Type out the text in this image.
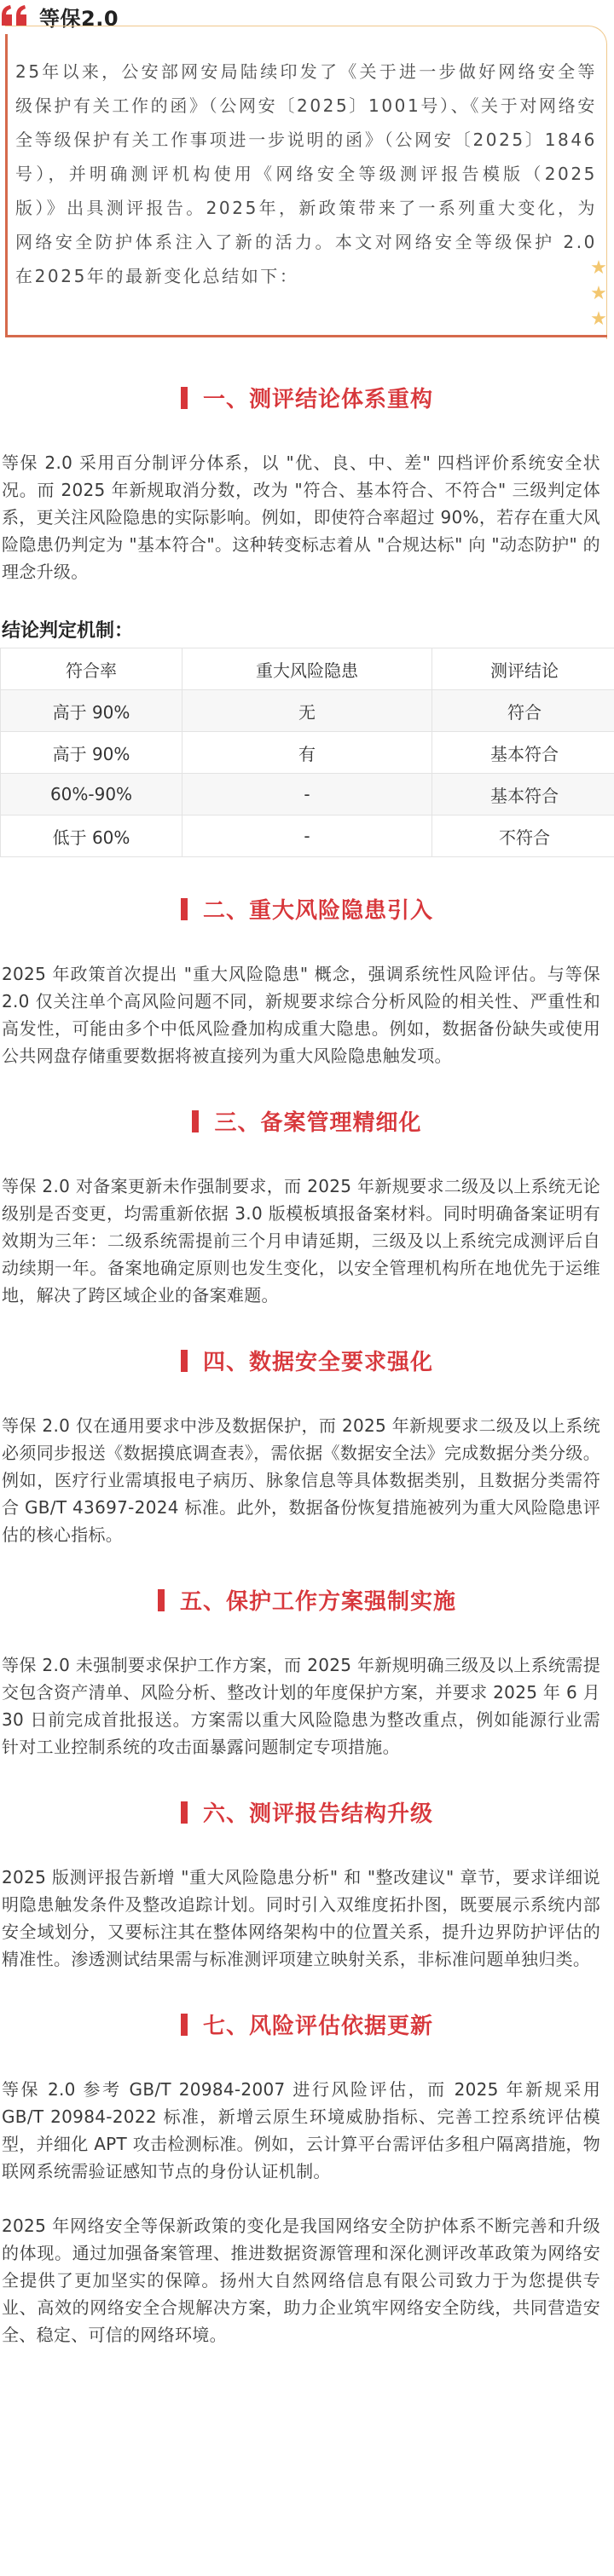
等保2.0
25年以来，公安部网安局陆续印发了《关于进一步做好网络安全等级保护有关工作的函》（公网安〔2025〕1001号）、《关于对网络安全等级保护有关工作事项进一步说明的函》（公网安〔2025〕1846号），并明确测评机构使用《网络安全等级测评报告模版（2025版）》出具测评报告。2025年，新政策带来了一系列重大变化，为网络安全防护体系注入了新的活力。本文对网络安全等级保护 2.0 在2025年的最新变化总结如下：	★
★
★
一、测评结论体系重构
等保 2.0 采用百分制评分体系，以 "优、良、中、差" 四档评价系统安全状况。而 2025 年新规取消分数，改为 "符合、基本符合、不符合" 三级判定体系，更关注风险隐患的实际影响。例如，即使符合率超过 90%，若存在重大风险隐患仍判定为 "基本符合"。这种转变标志着从 "合规达标" 向 "动态防护" 的理念升级。
结论判定机制：
符合率	重大风险隐患	测评结论
高于 90%	无	符合
高于 90%	有	基本符合
60%-90%	-	基本符合
低于 60%	-	不符合
二、重大风险隐患引入
2025 年政策首次提出 "重大风险隐患" 概念，强调系统性风险评估。与等保 2.0 仅关注单个高风险问题不同，新规要求综合分析风险的相关性、严重性和高发性，可能由多个中低风险叠加构成重大隐患。例如，数据备份缺失或使用公共网盘存储重要数据将被直接列为重大风险隐患触发项。
三、备案管理精细化
等保 2.0 对备案更新未作强制要求，而 2025 年新规要求二级及以上系统无论级别是否变更，均需重新依据 3.0 版模板填报备案材料。同时明确备案证明有效期为三年：二级系统需提前三个月申请延期，三级及以上系统完成测评后自动续期一年。备案地确定原则也发生变化，以安全管理机构所在地优先于运维地，解决了跨区域企业的备案难题。
四、数据安全要求强化
等保 2.0 仅在通用要求中涉及数据保护，而 2025 年新规要求二级及以上系统必须同步报送《数据摸底调查表》，需依据《数据安全法》完成数据分类分级。例如，医疗行业需填报电子病历、脉象信息等具体数据类别，且数据分类需符合 GB/T 43697-2024 标准。此外，数据备份恢复措施被列为重大风险隐患评估的核心指标。
五、保护工作方案强制实施
等保 2.0 未强制要求保护工作方案，而 2025 年新规明确三级及以上系统需提交包含资产清单、风险分析、整改计划的年度保护方案，并要求 2025 年 6 月 30 日前完成首批报送。方案需以重大风险隐患为整改重点，例如能源行业需针对工业控制系统的攻击面暴露问题制定专项措施。
六、测评报告结构升级
2025 版测评报告新增 "重大风险隐患分析" 和 "整改建议" 章节，要求详细说明隐患触发条件及整改追踪计划。同时引入双维度拓扑图，既要展示系统内部安全域划分，又要标注其在整体网络架构中的位置关系，提升边界防护评估的精准性。渗透测试结果需与标准测评项建立映射关系，非标准问题单独归类。
七、风险评估依据更新
等保 2.0 参考 GB/T 20984-2007 进行风险评估，而 2025 年新规采用 GB/T 20984-2022 标准，新增云原生环境威胁指标、完善工控系统评估模型，并细化 APT 攻击检测标准。例如，云计算平台需评估多租户隔离措施，物联网系统需验证感知节点的身份认证机制。
2025 年网络安全等保新政策的变化是我国网络安全防护体系不断完善和升级的体现。通过加强备案管理、推进数据资源管理和深化测评改革政策为网络安全提供了更加坚实的保障。扬州大自然网络信息有限公司致力于为您提供专业、高效的网络安全合规解决方案，助力企业筑牢网络安全防线，共同营造安全、稳定、可信的网络环境。
